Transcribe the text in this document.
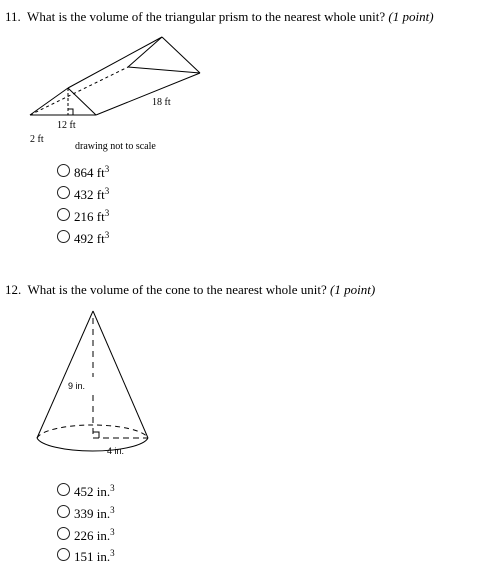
11. What is the volume of the triangular prism to the nearest whole unit? (1 point)
18 ft
12 ft
2 ft
drawing not to scale
864 $ft^3$
432 $ft^3$
216 $ft^3$
492 $ft^3$
12. What is the volume of the cone to the nearest whole unit? (1 point)
9 in.
4 in.
452 in.$^3$
339 in.$^3$
226 in.$^3$
151 in.$^3$
